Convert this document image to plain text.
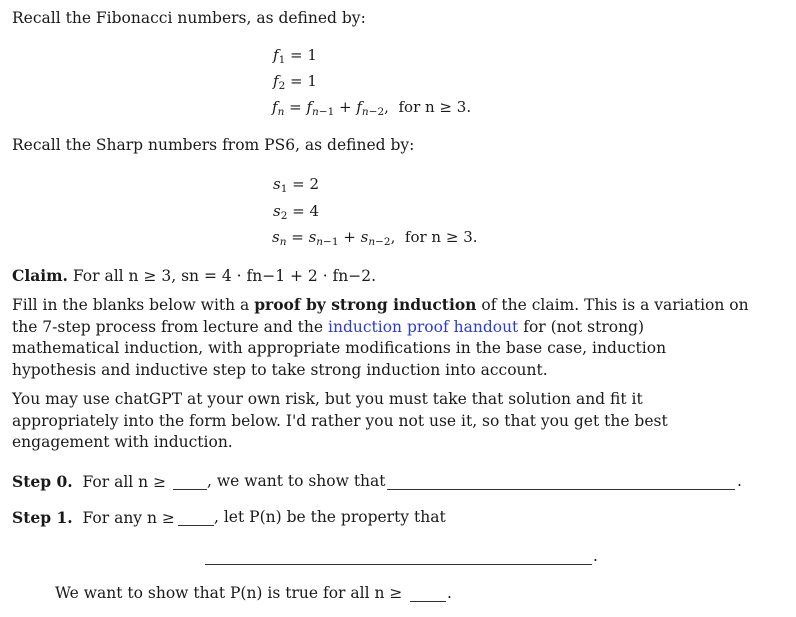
Recall the Fibonacci numbers, as defined by:
$f_1 = 1$
$f_2 = 1$
$f_n = f_{n-1} + f_{n-2}$,  for n ≥ 3.
Recall the Sharp numbers from PS6, as defined by:
$s_1 = 2$
$s_2 = 4$
$s_n = s_{n-1} + s_{n-2}$,  for n ≥ 3.
Claim. For all n ≥ 3, sn = 4 · fn−1 + 2 · fn−2.
Fill in the blanks below with a proof by strong induction of the claim. This is a variation on the 7-step process from lecture and the induction proof handout for (not strong) mathematical induction, with appropriate modifications in the base case, induction hypothesis and inductive step to take strong induction into account.
You may use chatGPT at your own risk, but you must take that solution and fit it appropriately into the form below. I'd rather you not use it, so that you get the best engagement with induction.
Step 0. For all n ≥	, we want to show that	.
Step 1. For any n ≥	, let P(n) be the property that
.
We want to show that P(n) is true for all n ≥	.
